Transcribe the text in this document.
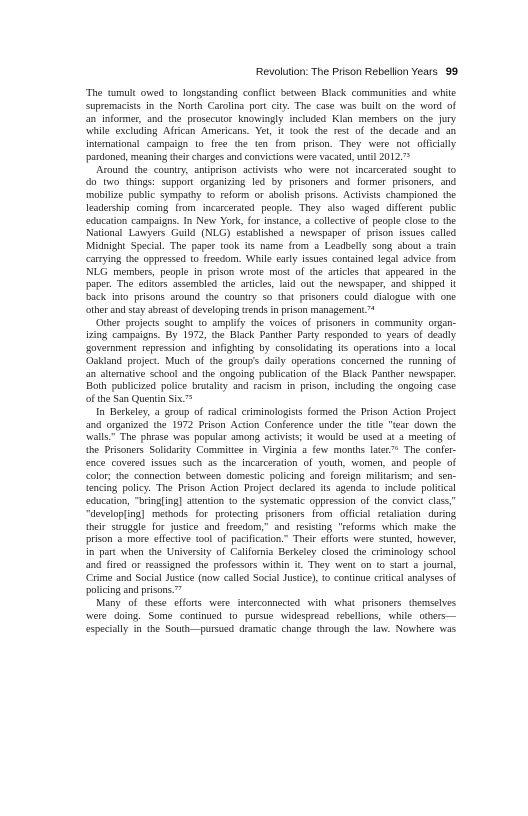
Revolution: The Prison Rebellion Years 99
The tumult owed to longstanding conflict between Black communities and white
supremacists in the North Carolina port city. The case was built on the word of
an informer, and the prosecutor knowingly included Klan members on the jury
while excluding African Americans. Yet, it took the rest of the decade and an
international campaign to free the ten from prison. They were not officially
pardoned, meaning their charges and convictions were vacated, until 2012.⁷³
Around the country, antiprison activists who were not incarcerated sought to
do two things: support organizing led by prisoners and former prisoners, and
mobilize public sympathy to reform or abolish prisons. Activists championed the
leadership coming from incarcerated people. They also waged different public
education campaigns. In New York, for instance, a collective of people close to the
National Lawyers Guild (NLG) established a newspaper of prison issues called
Midnight Special. The paper took its name from a Leadbelly song about a train
carrying the oppressed to freedom. While early issues contained legal advice from
NLG members, people in prison wrote most of the articles that appeared in the
paper. The editors assembled the articles, laid out the newspaper, and shipped it
back into prisons around the country so that prisoners could dialogue with one
other and stay abreast of developing trends in prison management.⁷⁴
Other projects sought to amplify the voices of prisoners in community organ-
izing campaigns. By 1972, the Black Panther Party responded to years of deadly
government repression and infighting by consolidating its operations into a local
Oakland project. Much of the group's daily operations concerned the running of
an alternative school and the ongoing publication of the Black Panther newspaper.
Both publicized police brutality and racism in prison, including the ongoing case
of the San Quentin Six.⁷⁵
In Berkeley, a group of radical criminologists formed the Prison Action Project
and organized the 1972 Prison Action Conference under the title "tear down the
walls." The phrase was popular among activists; it would be used at a meeting of
the Prisoners Solidarity Committee in Virginia a few months later.⁷⁶ The confer-
ence covered issues such as the incarceration of youth, women, and people of
color; the connection between domestic policing and foreign militarism; and sen-
tencing policy. The Prison Action Project declared its agenda to include political
education, "bring[ing] attention to the systematic oppression of the convict class,"
"develop[ing] methods for protecting prisoners from official retaliation during
their struggle for justice and freedom," and resisting "reforms which make the
prison a more effective tool of pacification." Their efforts were stunted, however,
in part when the University of California Berkeley closed the criminology school
and fired or reassigned the professors within it. They went on to start a journal,
Crime and Social Justice (now called Social Justice), to continue critical analyses of
policing and prisons.⁷⁷
Many of these efforts were interconnected with what prisoners themselves
were doing. Some continued to pursue widespread rebellions, while others—
especially in the South—pursued dramatic change through the law. Nowhere was
